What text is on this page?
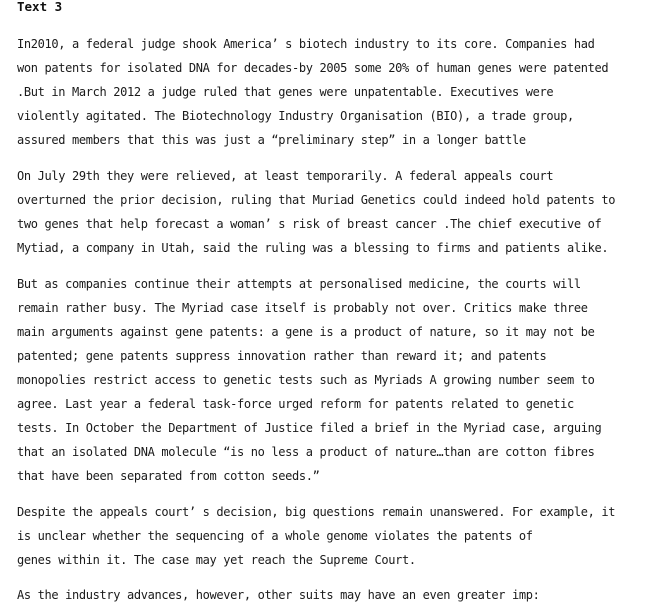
Text 3
In2010, a federal judge shook America’ s biotech industry to its core. Companies had
won patents for isolated DNA for decades-by 2005 some 20% of human genes were patented
.But in March 2012 a judge ruled that genes were unpatentable. Executives were
violently agitated. The Biotechnology Industry Organisation (BIO), a trade group,
assured members that this was just a “preliminary step” in a longer battle
On July 29th they were relieved, at least temporarily. A federal appeals court
overturned the prior decision, ruling that Muriad Genetics could indeed hold patents to
two genes that help forecast a woman’ s risk of breast cancer .The chief executive of
Mytiad, a company in Utah, said the ruling was a blessing to firms and patients alike.
But as companies continue their attempts at personalised medicine, the courts will
remain rather busy. The Myriad case itself is probably not over. Critics make three
main arguments against gene patents: a gene is a product of nature, so it may not be
patented; gene patents suppress innovation rather than reward it; and patents
monopolies restrict access to genetic tests such as Myriads A growing number seem to
agree. Last year a federal task-force urged reform for patents related to genetic
tests. In October the Department of Justice filed a brief in the Myriad case, arguing
that an isolated DNA molecule “is no less a product of nature…than are cotton fibres
that have been separated from cotton seeds.”
Despite the appeals court’ s decision, big questions remain unanswered. For example, it
is unclear whether the sequencing of a whole genome violates the patents of
genes within it. The case may yet reach the Supreme Court.
As the industry advances, however, other suits may have an even greater imp:
